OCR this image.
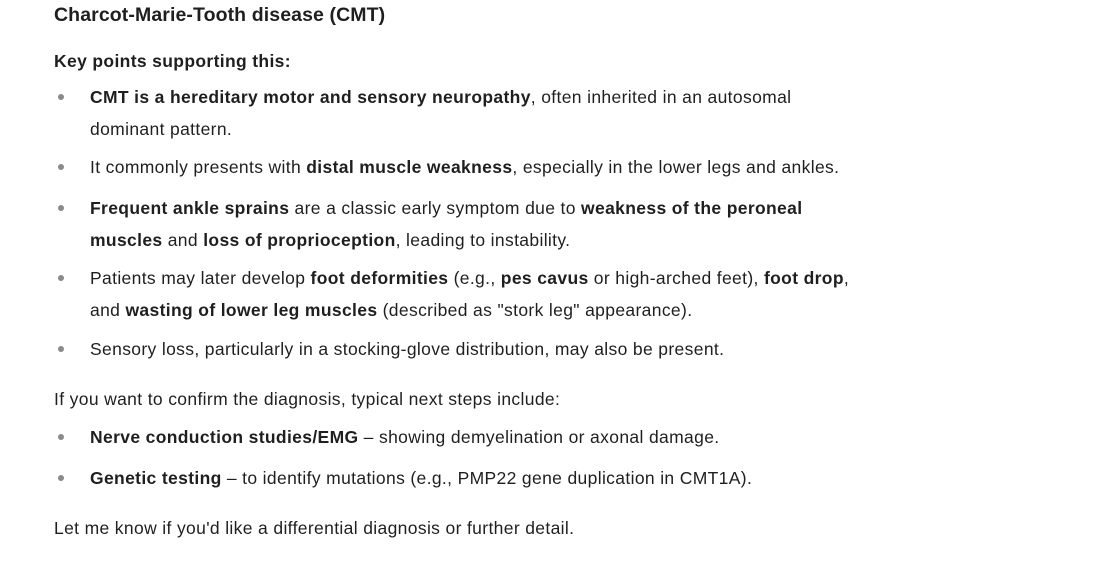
Charcot-Marie-Tooth disease (CMT)

Key points supporting this:

CMT is a hereditary motor and sensory neuropathy, often inherited in an autosomal
dominant pattern.
It commonly presents with distal muscle weakness, especially in the lower legs and ankles.
Frequent ankle sprains are a classic early symptom due to weakness of the peroneal
muscles and loss of proprioception, leading to instability.
Patients may later develop foot deformities (e.g., pes cavus or high-arched feet), foot drop,
and wasting of lower leg muscles (described as "stork leg" appearance).
Sensory loss, particularly in a stocking-glove distribution, may also be present.

If you want to confirm the diagnosis, typical next steps include:

Nerve conduction studies/EMG – showing demyelination or axonal damage.
Genetic testing – to identify mutations (e.g., PMP22 gene duplication in CMT1A).

Let me know if you'd like a differential diagnosis or further detail.
